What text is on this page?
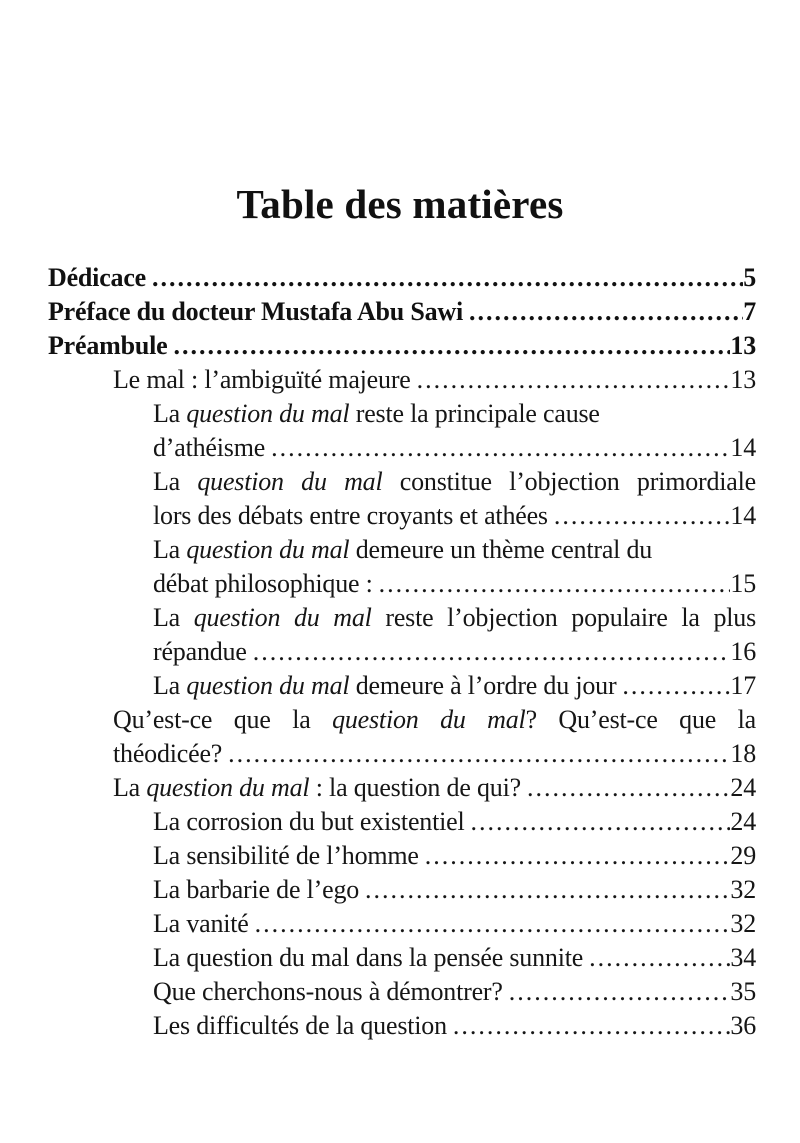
Table des matières
Dédicace .....	5
Préface du docteur Mustafa Abu Sawi .....	7
Préambule .....	13
Le mal : l’ambiguïté majeure .....	13
La question du mal reste la principale cause
d’athéisme .....	14
La question du mal constitue l’objection primordiale
lors des débats entre croyants et athées .....	14
La question du mal demeure un thème central du
débat philosophique : .....	15
La question du mal reste l’objection populaire la plus
répandue .....	16
La question du mal demeure à l’ordre du jour .....	17
Qu’est-ce que la question du mal? Qu’est-ce que la
théodicée? .....	18
La question du mal : la question de qui? .....	24
La corrosion du but existentiel .....	24
La sensibilité de l’homme .....	29
La barbarie de l’ego .....	32
La vanité .....	32
La question du mal dans la pensée sunnite .....	34
Que cherchons-nous à démontrer? .....	35
Les difficultés de la question .....	36
